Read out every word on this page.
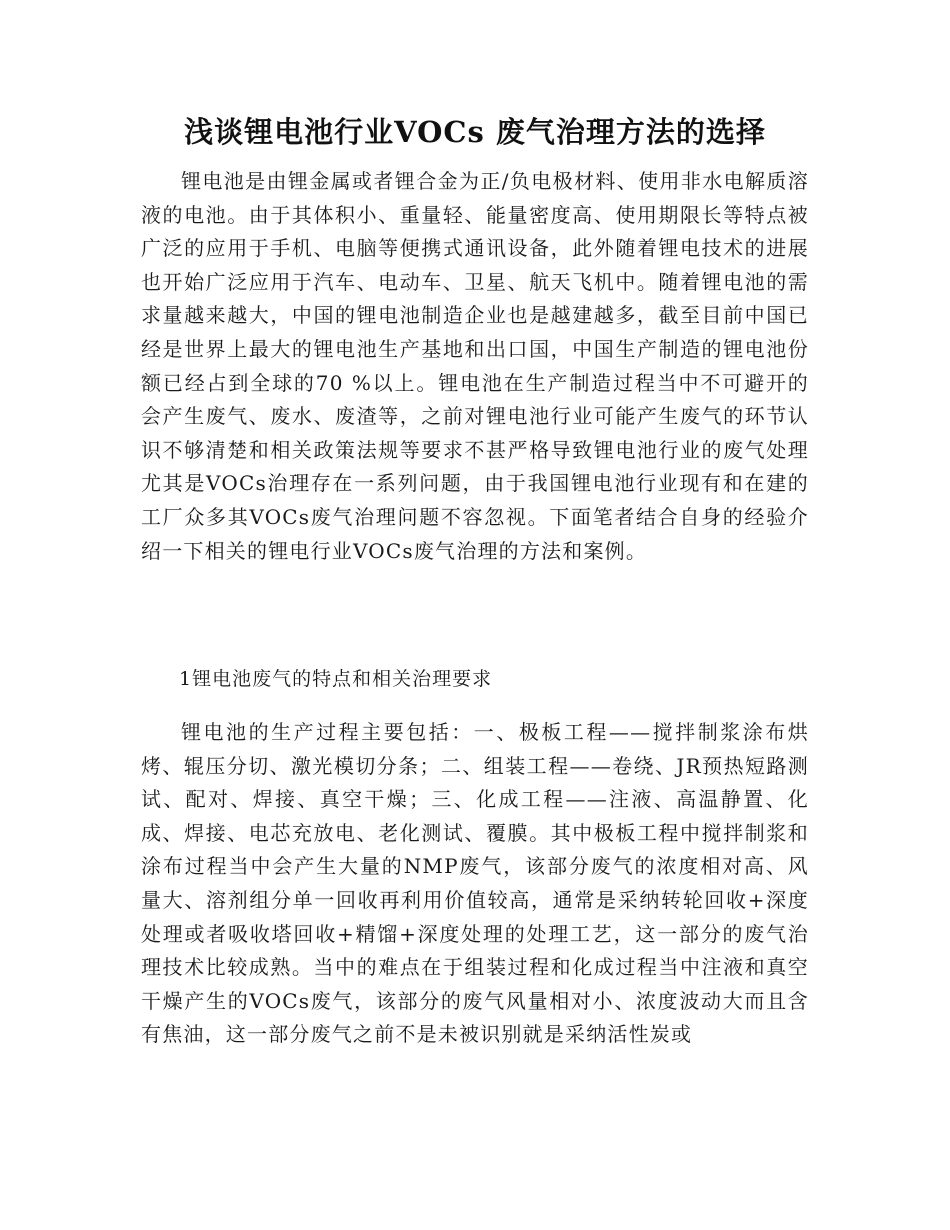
浅谈锂电池行业VOCs 废气治理方法的选择

锂电池是由锂金属或者锂合金为正/负电极材料、使用非水电解质溶液的电池。由于其体积小、重量轻、能量密度高、使用期限长等特点被广泛的应用于手机、电脑等便携式通讯设备，此外随着锂电技术的进展也开始广泛应用于汽车、电动车、卫星、航天飞机中。随着锂电池的需求量越来越大，中国的锂电池制造企业也是越建越多，截至目前中国已经是世界上最大的锂电池生产基地和出口国，中国生产制造的锂电池份额已经占到全球的70 %以上。锂电池在生产制造过程当中不可避开的会产生废气、废水、废渣等，之前对锂电池行业可能产生废气的环节认识不够清楚和相关政策法规等要求不甚严格导致锂电池行业的废气处理尤其是VOCs治理存在一系列问题，由于我国锂电池行业现有和在建的工厂众多其VOCs废气治理问题不容忽视。下面笔者结合自身的经验介绍一下相关的锂电行业VOCs废气治理的方法和案例。

1锂电池废气的特点和相关治理要求

锂电池的生产过程主要包括：一、极板工程——搅拌制浆涂布烘烤、辊压分切、激光模切分条；二、组装工程——卷绕、JR预热短路测试、配对、焊接、真空干燥；三、化成工程——注液、高温静置、化成、焊接、电芯充放电、老化测试、覆膜。其中极板工程中搅拌制浆和涂布过程当中会产生大量的NMP废气，该部分废气的浓度相对高、风量大、溶剂组分单一回收再利用价值较高，通常是采纳转轮回收+深度处理或者吸收塔回收+精馏+深度处理的处理工艺，这一部分的废气治理技术比较成熟。当中的难点在于组装过程和化成过程当中注液和真空干燥产生的VOCs废气，该部分的废气风量相对小、浓度波动大而且含有焦油，这一部分废气之前不是未被识别就是采纳活性炭或
